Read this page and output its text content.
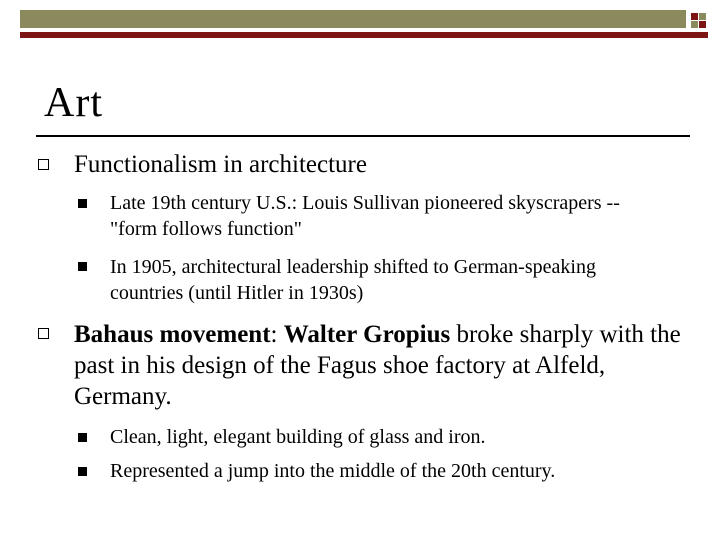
Art
Functionalism in architecture
Late 19th century U.S.: Louis Sullivan pioneered skyscrapers -- "form follows function"
In 1905, architectural leadership shifted to German-speaking countries (until Hitler in 1930s)
Bahaus movement: Walter Gropius broke sharply with the past in his design of the Fagus shoe factory at Alfeld, Germany.
Clean, light, elegant building of glass and iron.
Represented a jump into the middle of the 20th century.
